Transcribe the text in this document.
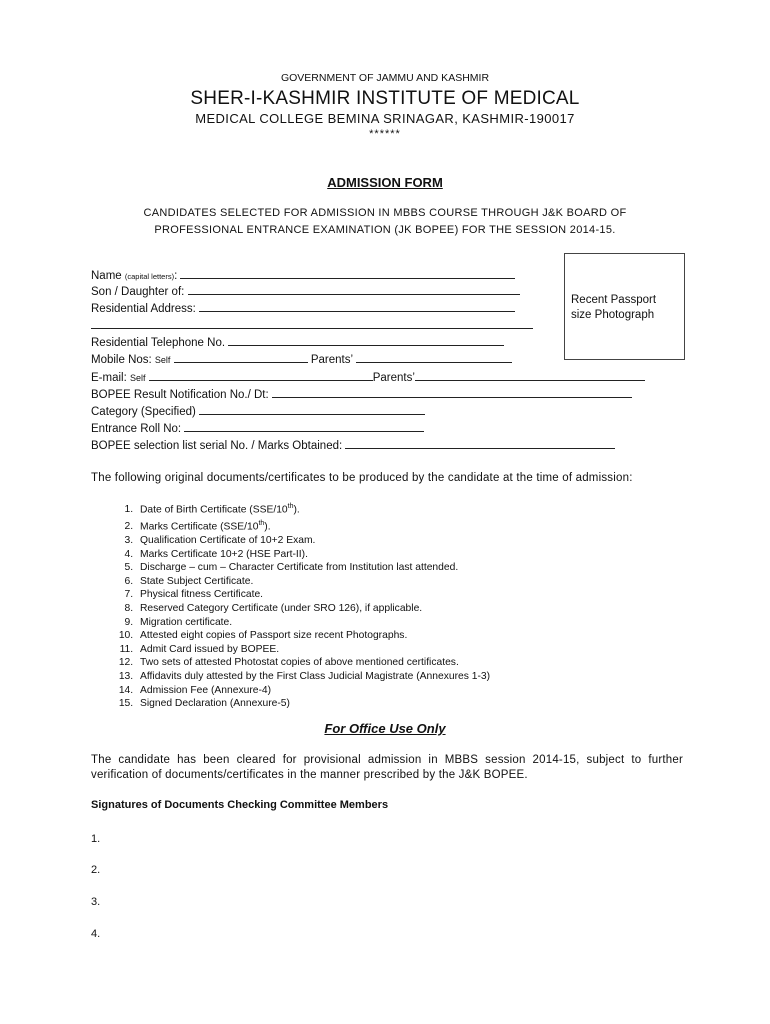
GOVERNMENT OF JAMMU AND KASHMIR
SHER-I-KASHMIR INSTITUTE OF MEDICAL
MEDICAL COLLEGE BEMINA SRINAGAR, KASHMIR-190017
******
ADMISSION FORM
CANDIDATES SELECTED FOR ADMISSION IN MBBS COURSE THROUGH J&K BOARD OF
PROFESSIONAL ENTRANCE EXAMINATION (JK BOPEE) FOR THE SESSION 2014-15.
Name (capital letters):
Son / Daughter of:
Residential Address:
Residential Telephone No.
Mobile Nos: Self	Parents’
E-mail: Self	Parents’
BOPEE Result Notification No./ Dt:
Category (Specified)
Entrance Roll No:
BOPEE selection list serial No. / Marks Obtained:
Recent Passport
size Photograph
The following original documents/certificates to be produced by the candidate at the time of admission:
1. Date of Birth Certificate (SSE/10th).
2. Marks Certificate (SSE/10th).
3. Qualification Certificate of 10+2 Exam.
4. Marks Certificate 10+2 (HSE Part-II).
5. Discharge – cum – Character Certificate from Institution last attended.
6. State Subject Certificate.
7. Physical fitness Certificate.
8. Reserved Category Certificate (under SRO 126), if applicable.
9. Migration certificate.
10. Attested eight copies of Passport size recent Photographs.
11. Admit Card issued by BOPEE.
12. Two sets of attested Photostat copies of above mentioned certificates.
13. Affidavits duly attested by the First Class Judicial Magistrate (Annexures 1-3)
14. Admission Fee (Annexure-4)
15. Signed Declaration (Annexure-5)
For Office Use Only
The candidate has been cleared for provisional admission in MBBS session 2014-15, subject to further verification of documents/certificates in the manner prescribed by the J&K BOPEE.
Signatures of Documents Checking Committee Members
1.
2.
3.
4.
